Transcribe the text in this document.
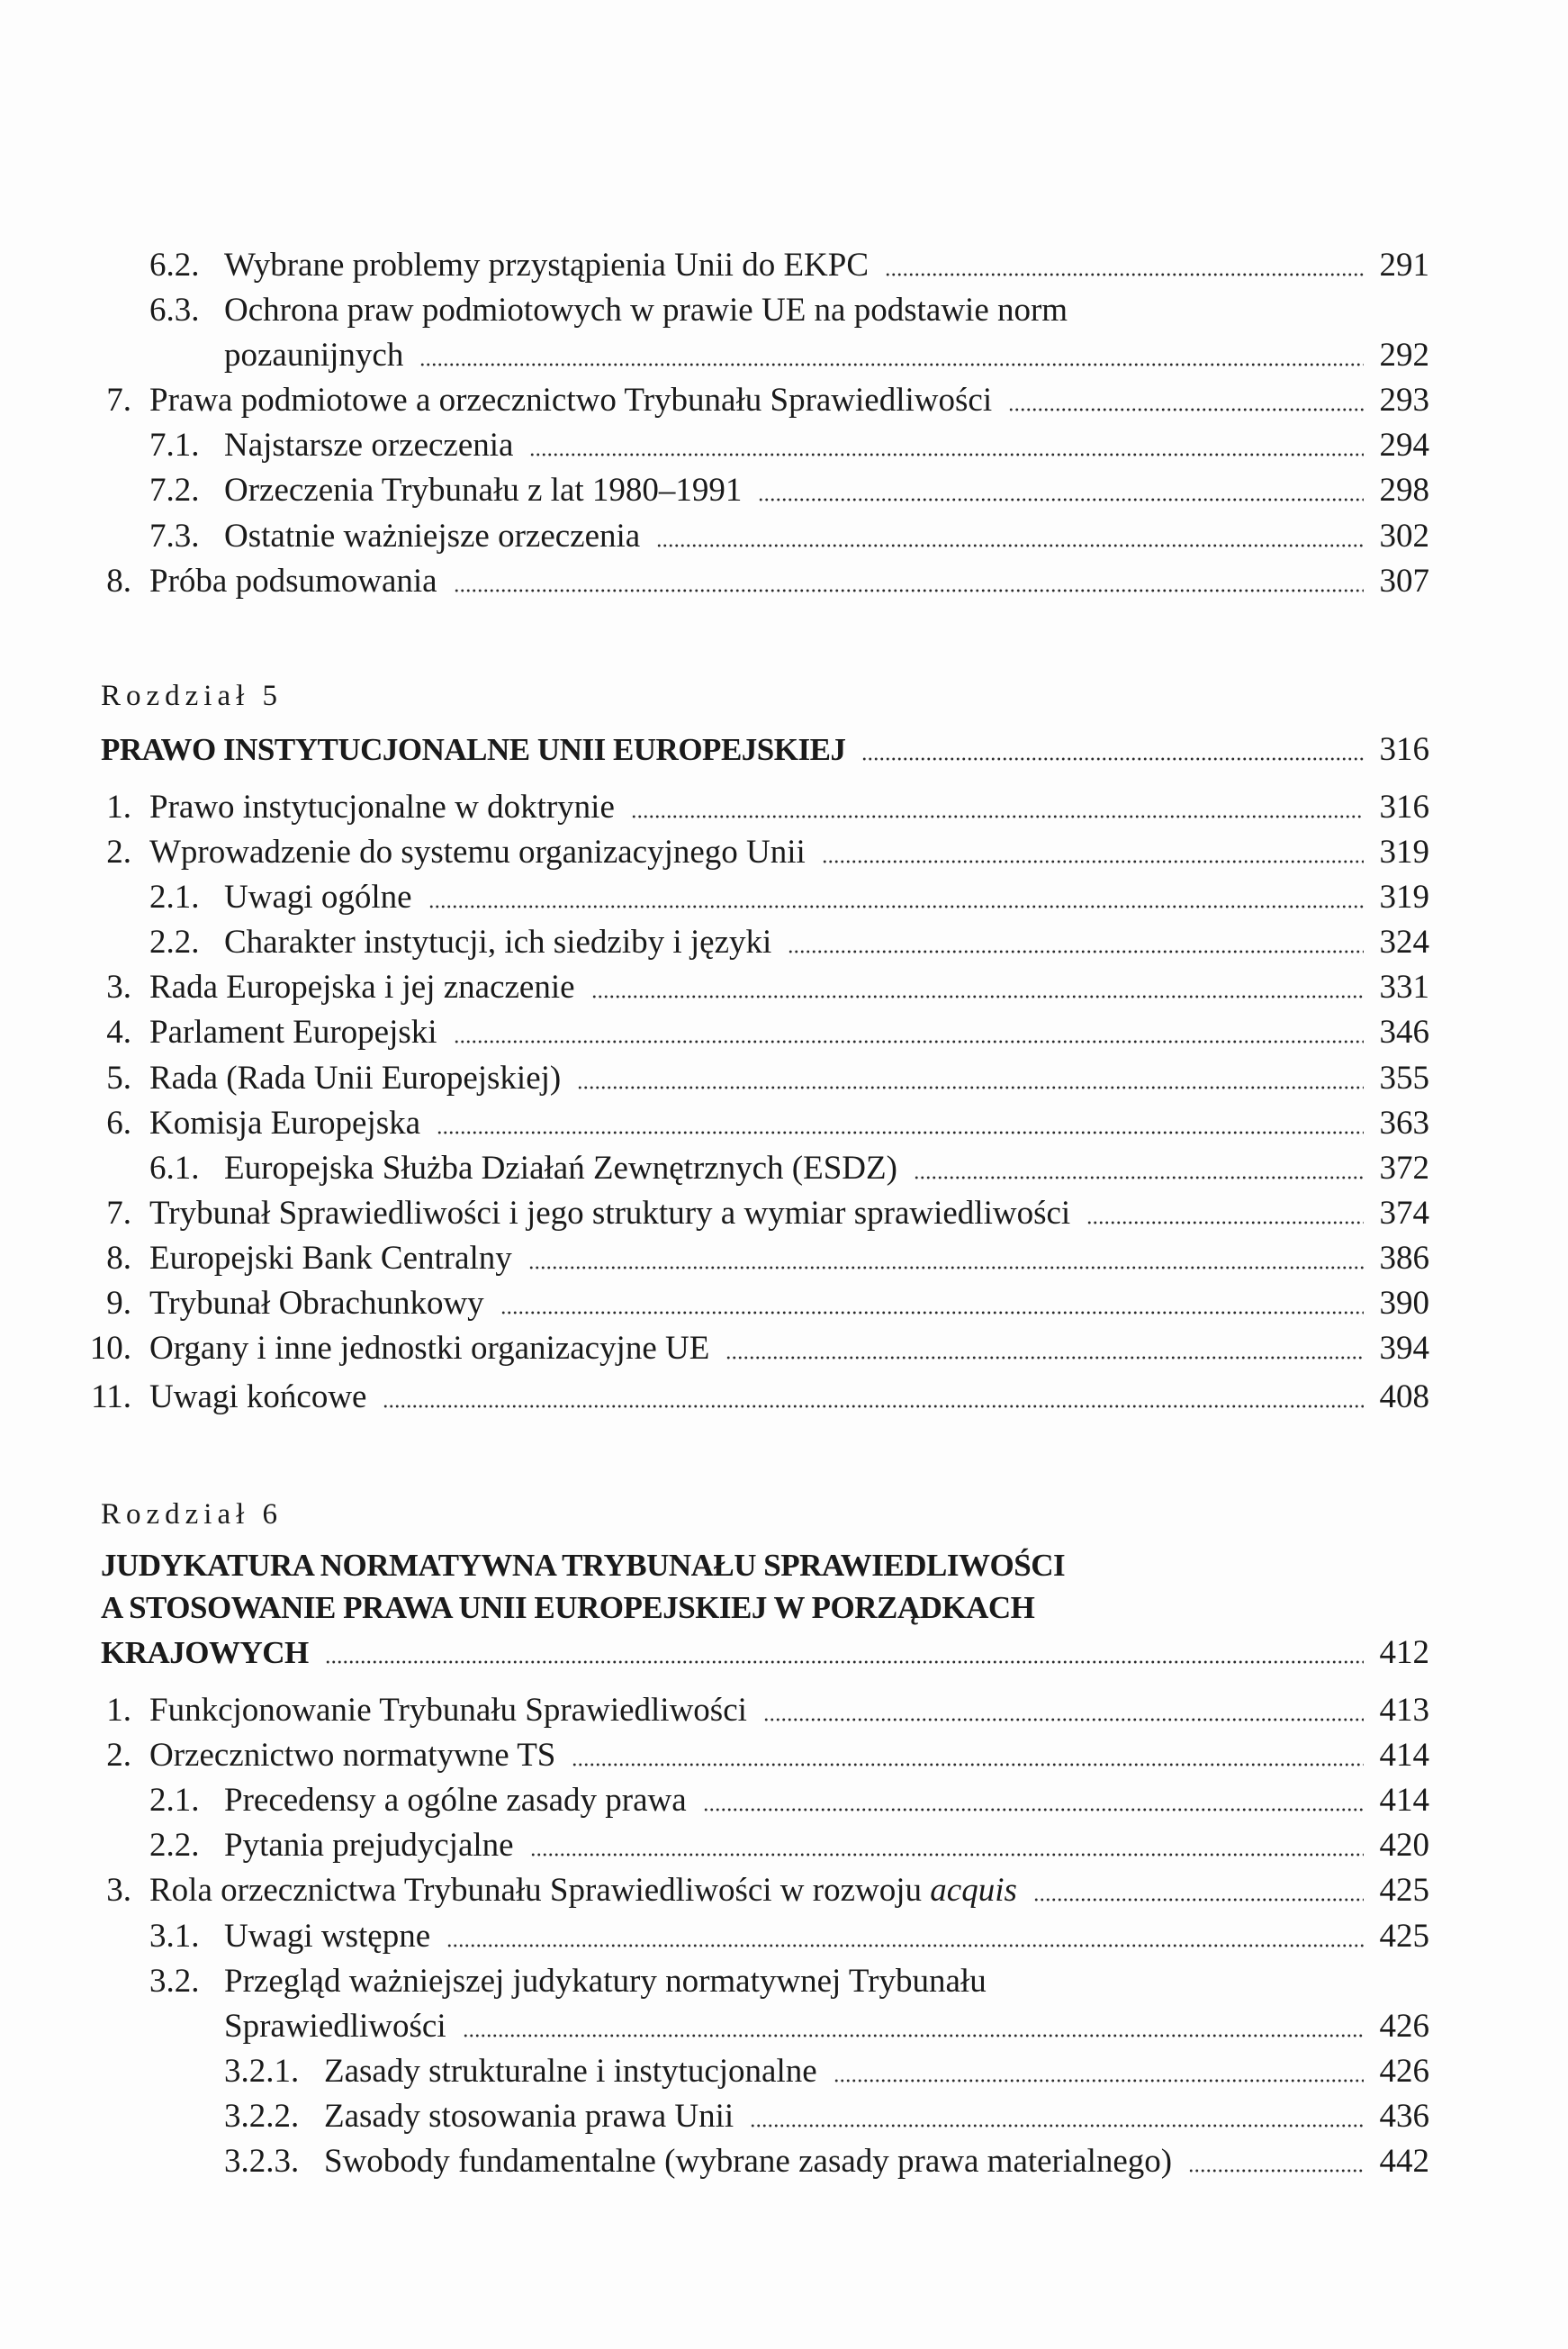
6.2. Wybrane problemy przystąpienia Unii do EKPC	291
6.3. Ochrona praw podmiotowych w prawie UE na podstawie norm
pozaunijnych	292
7. Prawa podmiotowe a orzecznictwo Trybunału Sprawiedliwości	293
7.1. Najstarsze orzeczenia	294
7.2. Orzeczenia Trybunału z lat 1980–1991	298
7.3. Ostatnie ważniejsze orzeczenia	302
8. Próba podsumowania	307
Rozdział 5
PRAWO INSTYTUCJONALNE UNII EUROPEJSKIEJ	316
1. Prawo instytucjonalne w doktrynie	316
2. Wprowadzenie do systemu organizacyjnego Unii	319
2.1. Uwagi ogólne	319
2.2. Charakter instytucji, ich siedziby i języki	324
3. Rada Europejska i jej znaczenie	331
4. Parlament Europejski	346
5. Rada (Rada Unii Europejskiej)	355
6. Komisja Europejska	363
6.1. Europejska Służba Działań Zewnętrznych (ESDZ)	372
7. Trybunał Sprawiedliwości i jego struktury a wymiar sprawiedliwości	374
8. Europejski Bank Centralny	386
9. Trybunał Obrachunkowy	390
10. Organy i inne jednostki organizacyjne UE	394
11. Uwagi końcowe	408
Rozdział 6
JUDYKATURA NORMATYWNA TRYBUNAŁU SPRAWIEDLIWOŚCI
A STOSOWANIE PRAWA UNII EUROPEJSKIEJ W PORZĄDKACH
KRAJOWYCH	412
1. Funkcjonowanie Trybunału Sprawiedliwości	413
2. Orzecznictwo normatywne TS	414
2.1. Precedensy a ogólne zasady prawa	414
2.2. Pytania prejudycjalne	420
3. Rola orzecznictwa Trybunału Sprawiedliwości w rozwoju acquis	425
3.1. Uwagi wstępne	425
3.2. Przegląd ważniejszej judykatury normatywnej Trybunału
Sprawiedliwości	426
3.2.1. Zasady strukturalne i instytucjonalne	426
3.2.2. Zasady stosowania prawa Unii	436
3.2.3. Swobody fundamentalne (wybrane zasady prawa materialnego)	442
